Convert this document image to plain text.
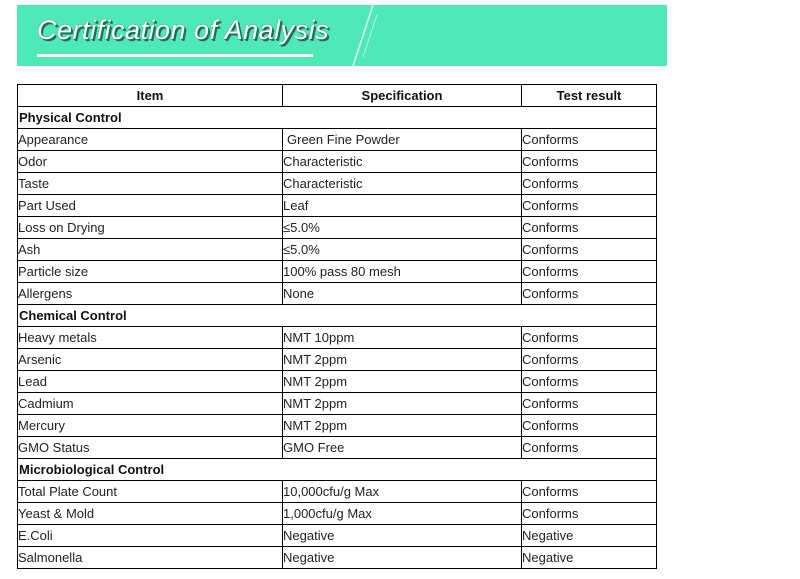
Certification of Analysis
Item	Specification	Test result
Physical Control		
Appearance	Green Fine Powder	Conforms
Odor	Characteristic	Conforms
Taste	Characteristic	Conforms
Part Used	Leaf	Conforms
Loss on Drying	≤5.0%	Conforms
Ash	≤5.0%	Conforms
Particle size	100% pass 80 mesh	Conforms
Allergens	None	Conforms
Chemical Control		
Heavy metals	NMT 10ppm	Conforms
Arsenic	NMT 2ppm	Conforms
Lead	NMT 2ppm	Conforms
Cadmium	NMT 2ppm	Conforms
Mercury	NMT 2ppm	Conforms
GMO Status	GMO Free	Conforms
Microbiological Control		
Total Plate Count	10,000cfu/g Max	Conforms
Yeast & Mold	1,000cfu/g Max	Conforms
E.Coli	Negative	Negative
Salmonella	Negative	Negative
